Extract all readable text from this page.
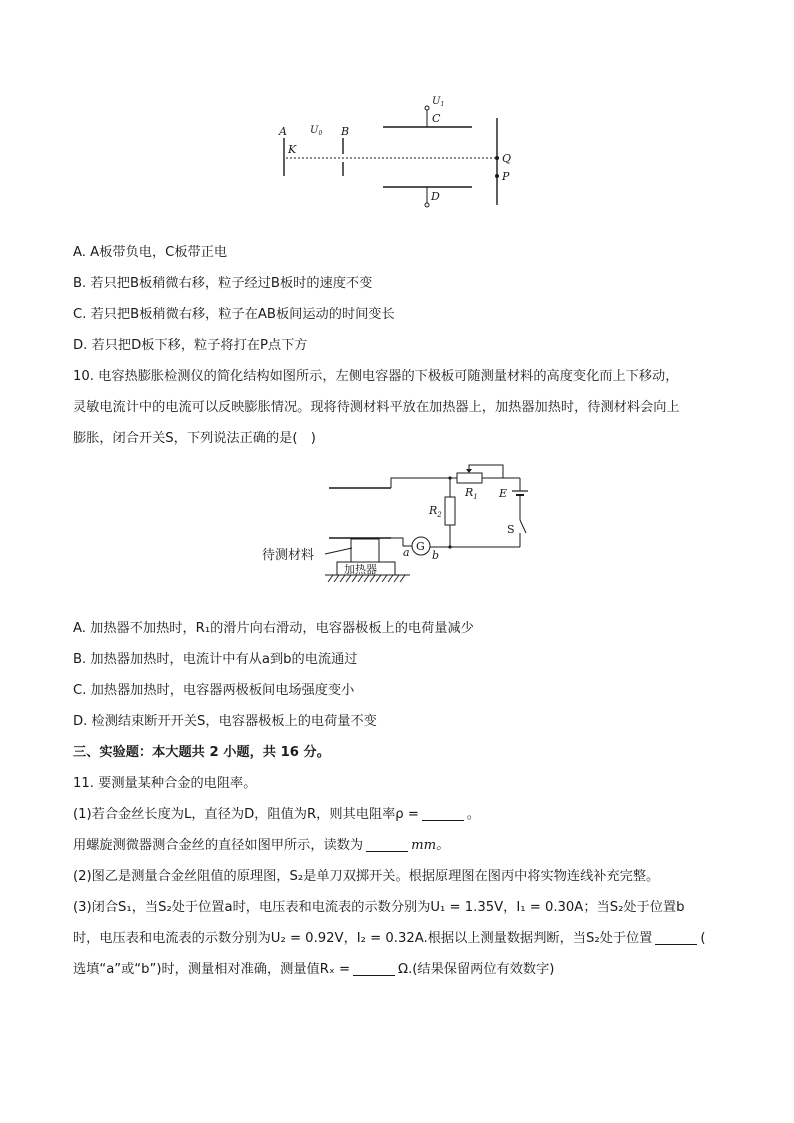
$U_1$
$U_0$
A	B
C
D
K
Q
P
A. A板带负电，C板带正电
B. 若只把B板稍微右移，粒子经过B板时的速度不变
C. 若只把B板稍微右移，粒子在AB板间运动的时间变长
D. 若只把D板下移，粒子将打在P点下方
10. 电容热膨胀检测仪的简化结构如图所示，左侧电容器的下极板可随测量材料的高度变化而上下移动，
灵敏电流计中的电流可以反映膨胀情况。现将待测材料平放在加热器上，加热器加热时，待测材料会向上
膨胀，闭合开关S，下列说法正确的是(　)
G
加热器
待测材料
$R_1$
$R_2$
E
S
a b
A. 加热器不加热时，R₁的滑片向右滑动，电容器极板上的电荷量减少
B. 加热器加热时，电流计中有从a到b的电流通过
C. 加热器加热时，电容器两极板间电场强度变小
D. 检测结束断开开关S，电容器极板上的电荷量不变
三、实验题：本大题共 2 小题，共 16 分。
11. 要测量某种合金的电阻率。
(1)若合金丝长度为L，直径为D，阻值为R，则其电阻率ρ =	。
用螺旋测微器测合金丝的直径如图甲所示，读数为	mm。
(2)图乙是测量合金丝阻值的原理图，S₂是单刀双掷开关。根据原理图在图丙中将实物连线补充完整。
(3)闭合S₁，当S₂处于位置a时，电压表和电流表的示数分别为U₁ = 1.35V，I₁ = 0.30A；当S₂处于位置b
时，电压表和电流表的示数分别为U₂ = 0.92V，I₂ = 0.32A.根据以上测量数据判断，当S₂处于位置	(
选填“a”或“b”)时，测量相对准确，测量值Rₓ =	Ω.(结果保留两位有效数字)
